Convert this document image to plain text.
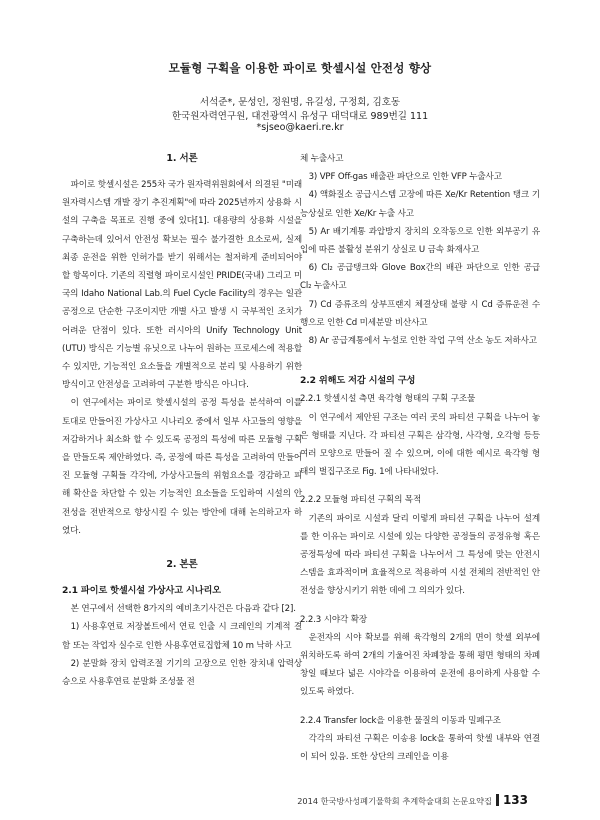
모듈형 구획을 이용한 파이로 핫셀시설 안전성 향상
서석준*, 문성인, 정원명, 유길성, 구정회, 김호동
한국원자력연구원, 대전광역시 유성구 대덕대로 989번길 111
*sjseo@kaeri.re.kr
1. 서론

파이로 핫셀시설은 255차 국가 원자력위원회에서 의결된 "미래 원자력시스템 개발 장기 추진계획"에 따라 2025년까지 상용화 시설의 구축을 목표로 진행 중에 있다[1]. 대용량의 상용화 시설을 구축하는데 있어서 안전성 확보는 필수 불가결한 요소로써, 실제 최종 운전을 위한 인허가를 받기 위해서는 철저하게 준비되어야 할 항목이다. 기존의 직렬형 파이로시설인 PRIDE(국내) 그리고 미국의 Idaho National Lab.의 Fuel Cycle Facility의 경우는 일관공정으로 단순한 구조이지만 개별 사고 발생 시 국부적인 조치가 어려운 단점이 있다. 또한 러시아의 Unify Technology Unit (UTU) 방식은 기능별 유닛으로 나누어 원하는 프로세스에 적용할 수 있지만, 기능적인 요소들을 개별적으로 분리 및 사용하기 위한 방식이고 안전성을 고려하여 구분한 방식은 아니다.

이 연구에서는 파이로 핫셀시설의 공정 특성을 분석하여 이를 토대로 만들어진 가상사고 시나리오 중에서 일부 사고들의 영향을 저감하거나 최소화 할 수 있도록 공정의 특성에 따른 모듈형 구획을 만들도록 제안하였다. 즉, 공정에 따른 특성을 고려하여 만들어진 모듈형 구획들 각각에, 가상사고들의 위험요소를 경감하고 피해 확산을 차단할 수 있는 기능적인 요소들을 도입하여 시설의 안전성을 전반적으로 향상시킬 수 있는 방안에 대해 논의하고자 하였다.

2. 본론
2.1 파이로 핫셀시설 가상사고 시나리오

본 연구에서 선택한 8가지의 예비초기사건은 다음과 같다 [2].

1) 사용후연료 저장볼트에서 연료 인출 시 크레인의 기계적 결함 또는 작업자 실수로 인한 사용후연료집합체 10 m 낙하 사고

2) 분말화 장치 압력조절 기기의 고장으로 인한 장치내 압력상승으로 사용후연료 분말화 조성물 전

체 누출사고

3) VPF Off-gas 배출관 파단으로 인한 VFP 누출사고

4) 액화질소 공급시스템 고장에 따른 Xe/Kr Retention 탱크 기능상실로 인한 Xe/Kr 누출 사고

5) Ar 배기계통 과압방지 장치의 오작동으로 인한 외부공기 유입에 따른 불활성 분위기 상실로 U 금속 화재사고

6) Cl₂ 공급탱크와 Glove Box간의 배관 파단으로 인한 공급 Cl₂ 누출사고

7) Cd 증류조의 상부프랜지 체결상태 불량 시 Cd 증류운전 수행으로 인한 Cd 미세분말 비산사고

8) Ar 공급계통에서 누설로 인한 작업 구역 산소 농도 저하사고

2.2 위해도 저감 시설의 구성

2.2.1 핫셀시설 측면 육각형 형태의 구획 구조물

이 연구에서 제안된 구조는 여러 곳의 파티션 구획을 나누어 놓은 형태를 지닌다. 각 파티션 구획은 삼각형, 사각형, 오각형 등등 여러 모양으로 만들어 질 수 있으며, 이에 대한 예시로 육각형 형태의 벌집구조로 Fig. 1에 나타내었다.

2.2.2 모듈형 파티션 구획의 목적

기존의 파이로 시설과 달리 이렇게 파티션 구획을 나누어 설계를 한 이유는 파이로 시설에 있는 다양한 공정들의 공정유형 혹은 공정특성에 따라 파티션 구획을 나누어서 그 특성에 맞는 안전시스템을 효과적이며 효율적으로 적용하여 시설 전체의 전반적인 안전성을 향상시키기 위한 데에 그 의의가 있다.

2.2.3 시야각 확장

운전자의 시야 확보를 위해 육각형의 2개의 면이 핫셀 외부에 위치하도록 하여 2개의 기울어진 차폐창을 통해 평면 형태의 차폐창일 때보다 넓은 시야각을 이용하여 운전에 용이하게 사용할 수 있도록 하였다.

2.2.4 Transfer lock을 이용한 물질의 이동과 밀폐구조

각각의 파티션 구획은 이송용 lock을 통하여 핫셀 내부와 연결이 되어 있음. 또한 상단의 크레인을 이용

2014 한국방사성폐기물학회 추계학술대회 논문요약집 133
